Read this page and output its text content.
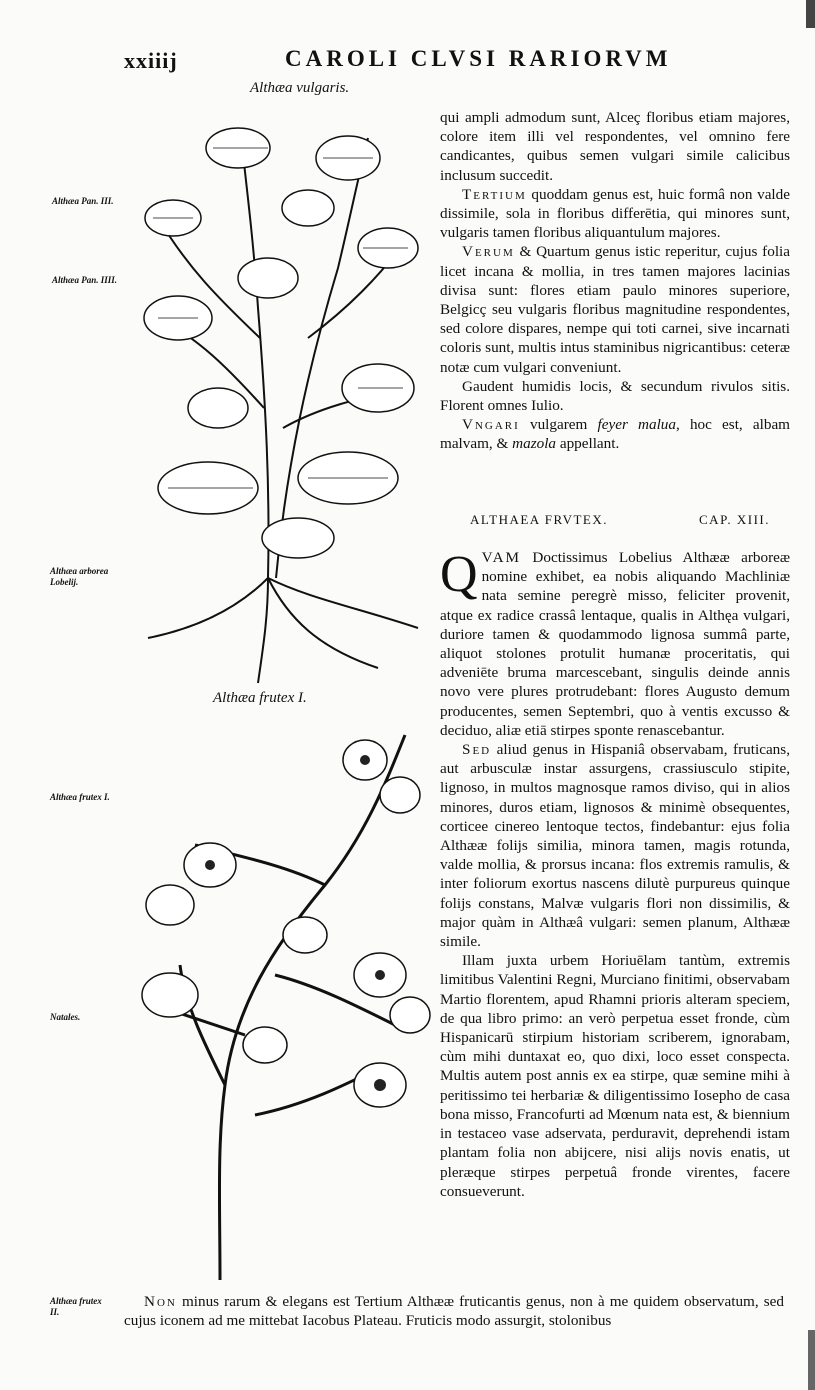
xxiiij	CAROLI CLVSI RARIORVM
Althæa vulgaris.
Althæa frutex I.
Althæa Pan. III.
Althæa Pan. IIII.
Althæa arborea Lobelij.
Althæa frutex I.
Natales.
Althæa frutex II.

qui ampli admodum sunt, Alceç floribus etiam majores, colore item illi vel respondentes, vel omnino fere candicantes, quibus semen vulgari simile calicibus inclusum succedit.

Tertium quoddam genus est, huic formâ non valde dissimile, sola in floribus differētia, qui minores sunt, vulgaris tamen floribus aliquantulum majores.

Verum & Quartum genus istic reperitur, cujus folia licet incana & mollia, in tres tamen majores lacinias divisa sunt: flores etiam paulo minores superiore, Belgicç seu vulgaris floribus magnitudine respondentes, sed colore dispares, nempe qui toti carnei, sive incarnati coloris sunt, multis intus staminibus nigricantibus: ceteræ notæ cum vulgari conveniunt.

Gaudent humidis locis, & secundum rivulos sitis. Florent omnes Iulio.

Vngari vulgarem feyer malua, hoc est, albam malvam, & mazola appellant.

ALTHAEA FRVTEX.	CAP. XIII.

QVAM Doctissimus Lobelius Althææ arboreæ nomine exhibet, ea nobis aliquando Machliniæ nata semine peregrè misso, feliciter provenit, atque ex radice crassâ lentaque, qualis in Althęa vulgari, duriore tamen & quodammodo lignosa summâ parte, aliquot stolones protulit humanæ proceritatis, qui adveniēte bruma marcescebant, singulis deinde annis novo vere plures protrudebant: flores Augusto demum producentes, semen Septembri, quo à ventis excusso & deciduo, aliæ etiā stirpes sponte renascebantur.

Sed aliud genus in Hispaniâ observabam, fruticans, aut arbusculæ instar assurgens, crassiusculo stipite, lignoso, in multos magnosque ramos diviso, qui in alios minores, duros etiam, lignosos & minimè obsequentes, corticee cinereo lentoque tectos, findebantur: ejus folia Althææ folijs similia, minora tamen, magis rotunda, valde mollia, & prorsus incana: flos extremis ramulis, & inter foliorum exortus nascens dilutè purpureus quinque folijs constans, Malvæ vulgaris flori non dissimilis, & major quàm in Althæâ vulgari: semen planum, Althææ simile.

Illam juxta urbem Horiuēlam tantùm, extremis limitibus Valentini Regni, Murciano finitimi, observabam Martio florentem, apud Rhamni prioris alteram speciem, de qua libro primo: an verò perpetua esset fronde, cùm Hispanicarū stirpium historiam scriberem, ignorabam, cùm mihi duntaxat eo, quo dixi, loco esset conspecta. Multis autem post annis ex ea stirpe, quæ semine mihi à peritissimo tei herbariæ & diligentissimo Iosepho de casa bona misso, Francofurti ad Mœnum nata est, & biennium in testaceo vase adservata, perduravit, deprehendi istam plantam folia non abijcere, nisi alijs novis enatis, ut pleræque stirpes perpetuâ fronde virentes, facere consueverunt.

Non minus rarum & elegans est Tertium Althææ fruticantis genus, non à me quidem observatum, sed cujus iconem ad me mittebat Iacobus Plateau. Fruticis modo assurgit, stolonibus
